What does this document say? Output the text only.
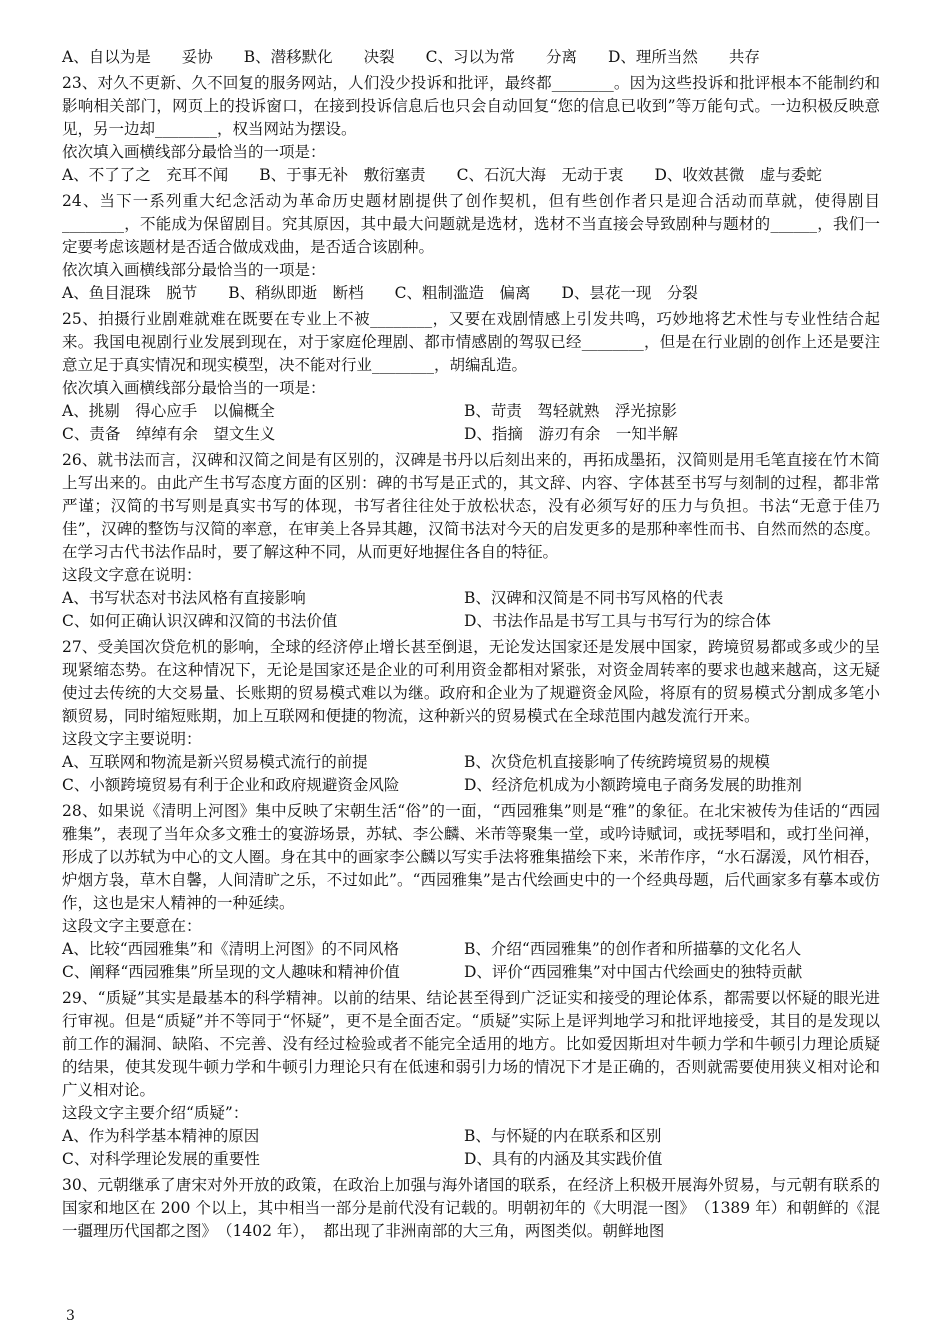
A、自以为是　　妥协　　B、潜移默化　　决裂　　C、习以为常　　分离　　D、理所当然　　共存

23、对久不更新、久不回复的服务网站，人们没少投诉和批评，最终都________。因为这些投诉和批评根本不能制约和影响相关部门，网页上的投诉窗口，在接到投诉信息后也只会自动回复“您的信息已收到”等万能句式。一边积极反映意见，另一边却________，权当网站为摆设。

依次填入画横线部分最恰当的一项是：

A、不了了之　充耳不闻　　B、于事无补　敷衍塞责　　C、石沉大海　无动于衷　　D、收效甚微　虚与委蛇

24、当下一系列重大纪念活动为革命历史题材剧提供了创作契机，但有些创作者只是迎合活动而草就，使得剧目________，不能成为保留剧目。究其原因，其中最大问题就是选材，选材不当直接会导致剧种与题材的______，我们一定要考虑该题材是否适合做成戏曲，是否适合该剧种。

依次填入画横线部分最恰当的一项是：

A、鱼目混珠　脱节　　B、稍纵即逝　断档　　C、粗制滥造　偏离　　D、昙花一现　分裂

25、拍摄行业剧难就难在既要在专业上不被________，又要在戏剧情感上引发共鸣，巧妙地将艺术性与专业性结合起来。我国电视剧行业发展到现在，对于家庭伦理剧、都市情感剧的驾驭已经________，但是在行业剧的创作上还是要注意立足于真实情况和现实模型，决不能对行业________，胡编乱造。

依次填入画横线部分最恰当的一项是：

A、挑剔　得心应手　以偏概全	B、苛责　驾轻就熟　浮光掠影
C、责备　绰绰有余　望文生义	D、指摘　游刃有余　一知半解

26、就书法而言，汉碑和汉简之间是有区别的，汉碑是书丹以后刻出来的，再拓成墨拓，汉简则是用毛笔直接在竹木简上写出来的。由此产生书写态度方面的区别：碑的书写是正式的，其文辞、内容、字体甚至书写与刻制的过程，都非常严谨；汉简的书写则是真实书写的体现，书写者往往处于放松状态，没有必须写好的压力与负担。书法“无意于佳乃佳”，汉碑的整饬与汉简的率意，在审美上各异其趣，汉简书法对今天的启发更多的是那种率性而书、自然而然的态度。在学习古代书法作品时，要了解这种不同，从而更好地握住各自的特征。

这段文字意在说明：

A、书写状态对书法风格有直接影响	B、汉碑和汉简是不同书写风格的代表
C、如何正确认识汉碑和汉简的书法价值	D、书法作品是书写工具与书写行为的综合体

27、受美国次贷危机的影响，全球的经济停止增长甚至倒退，无论发达国家还是发展中国家，跨境贸易都或多或少的呈现紧缩态势。在这种情况下，无论是国家还是企业的可利用资金都相对紧张，对资金周转率的要求也越来越高，这无疑使过去传统的大交易量、长账期的贸易模式难以为继。政府和企业为了规避资金风险，将原有的贸易模式分割成多笔小额贸易，同时缩短账期，加上互联网和便捷的物流，这种新兴的贸易模式在全球范围内越发流行开来。

这段文字主要说明：

A、互联网和物流是新兴贸易模式流行的前提	B、次贷危机直接影响了传统跨境贸易的规模
C、小额跨境贸易有利于企业和政府规避资金风险	D、经济危机成为小额跨境电子商务发展的助推剂

28、如果说《清明上河图》集中反映了宋朝生活“俗”的一面，“西园雅集”则是“雅”的象征。在北宋被传为佳话的“西园雅集”，表现了当年众多文雅士的宴游场景，苏轼、李公麟、米芾等聚集一堂，或吟诗赋词，或抚琴唱和，或打坐问禅，形成了以苏轼为中心的文人圈。身在其中的画家李公麟以写实手法将雅集描绘下来，米芾作序，“水石潺湲，风竹相吞，炉烟方袅，草木自馨，人间清旷之乐，不过如此”。“西园雅集”是古代绘画史中的一个经典母题，后代画家多有摹本或仿作，这也是宋人精神的一种延续。

这段文字主要意在：

A、比较“西园雅集”和《清明上河图》的不同风格	B、介绍“西园雅集”的创作者和所描摹的文化名人
C、阐释“西园雅集”所呈现的文人趣味和精神价值	D、评价“西园雅集”对中国古代绘画史的独特贡献

29、“质疑”其实是最基本的科学精神。以前的结果、结论甚至得到广泛证实和接受的理论体系，都需要以怀疑的眼光进行审视。但是“质疑”并不等同于“怀疑”，更不是全面否定。“质疑”实际上是评判地学习和批评地接受，其目的是发现以前工作的漏洞、缺陷、不完善、没有经过检验或者不能完全适用的地方。比如爱因斯坦对牛顿力学和牛顿引力理论质疑的结果，使其发现牛顿力学和牛顿引力理论只有在低速和弱引力场的情况下才是正确的，否则就需要使用狭义相对论和广义相对论。

这段文字主要介绍“质疑”：

A、作为科学基本精神的原因	B、与怀疑的内在联系和区别
C、对科学理论发展的重要性	D、具有的内涵及其实践价值

30、元朝继承了唐宋对外开放的政策，在政治上加强与海外诸国的联系，在经济上积极开展海外贸易，与元朝有联系的国家和地区在 200 个以上，其中相当一部分是前代没有记载的。明朝初年的《大明混一图》　（1389 年）和朝鲜的《混一疆理历代国都之图》　（1402 年），　都出现了非洲南部的大三角，两图类似。朝鲜地图

3
